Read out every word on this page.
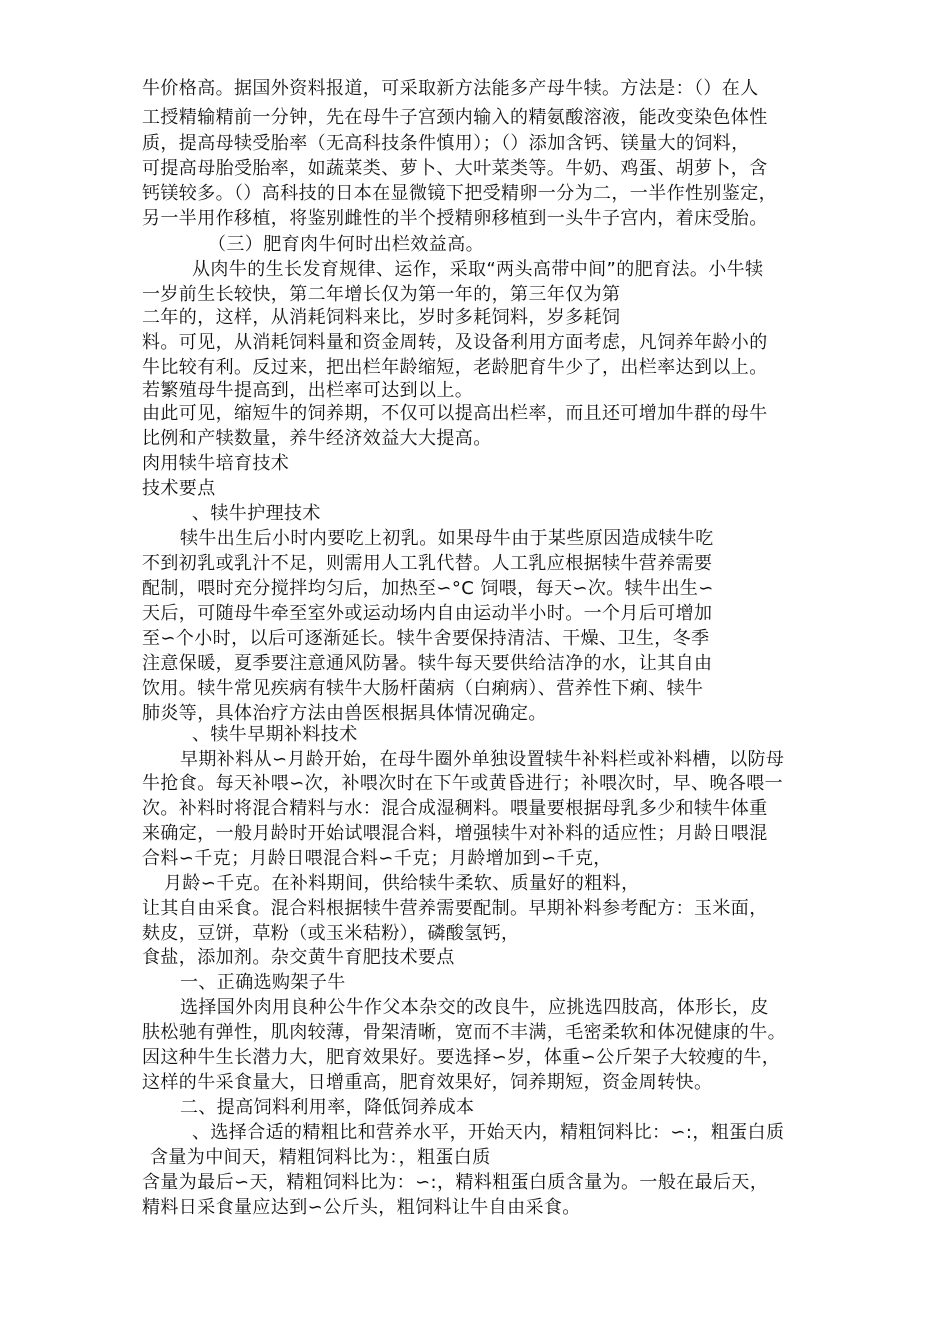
牛价格高。据国外资料报道，可采取新方法能多产母牛犊。方法是：（）在人
工授精输精前一分钟，先在母牛子宫颈内输入的精氨酸溶液，能改变染色体性
质，提高母犊受胎率（无高科技条件慎用）；（）添加含钙、镁量大的饲料，
可提高母胎受胎率，如蔬菜类、萝卜、大叶菜类等。牛奶、鸡蛋、胡萝卜，含
钙镁较多。（）高科技的日本在显微镜下把受精卵一分为二，一半作性别鉴定，
另一半用作移植，将鉴别雌性的半个授精卵移植到一头牛子宫内，着床受胎。
（三）肥育肉牛何时出栏效益高。
从肉牛的生长发育规律、运作，采取“两头高带中间”的肥育法。小牛犊
一岁前生长较快，第二年增长仅为第一年的，第三年仅为第
二年的，这样，从消耗饲料来比，岁时多耗饲料，岁多耗饲
料。可见，从消耗饲料量和资金周转，及设备利用方面考虑，凡饲养年龄小的
牛比较有利。反过来，把出栏年龄缩短，老龄肥育牛少了，出栏率达到以上。
若繁殖母牛提高到，出栏率可达到以上。
由此可见，缩短牛的饲养期，不仅可以提高出栏率，而且还可增加牛群的母牛
比例和产犊数量，养牛经济效益大大提高。
肉用犊牛培育技术
技术要点
、犊牛护理技术
犊牛出生后小时内要吃上初乳。如果母牛由于某些原因造成犊牛吃
不到初乳或乳汁不足，则需用人工乳代替。人工乳应根据犊牛营养需要
配制，喂时充分搅拌均匀后，加热至∽°C 饲喂，每天∽次。犊牛出生∽
天后，可随母牛牵至室外或运动场内自由运动半小时。一个月后可增加
至∽个小时，以后可逐渐延长。犊牛舍要保持清洁、干燥、卫生，冬季
注意保暖，夏季要注意通风防暑。犊牛每天要供给洁净的水，让其自由
饮用。犊牛常见疾病有犊牛大肠杆菌病（白痢病）、营养性下痢、犊牛
肺炎等，具体治疗方法由兽医根据具体情况确定。
、犊牛早期补料技术
早期补料从∽月龄开始，在母牛圈外单独设置犊牛补料栏或补料槽，以防母
牛抢食。每天补喂∽次，补喂次时在下午或黄昏进行；补喂次时，早、晚各喂一
次。补料时将混合精料与水：混合成湿稠料。喂量要根据母乳多少和犊牛体重
来确定，一般月龄时开始试喂混合料，增强犊牛对补料的适应性；月龄日喂混
合料∽千克；月龄日喂混合料∽千克；月龄增加到∽千克，
月龄∽千克。在补料期间，供给犊牛柔软、质量好的粗料，
让其自由采食。混合料根据犊牛营养需要配制。早期补料参考配方：玉米面，
麸皮，豆饼，草粉（或玉米秸粉），磷酸氢钙，
食盐，添加剂。杂交黄牛育肥技术要点
一、正确选购架子牛
选择国外肉用良种公牛作父本杂交的改良牛，应挑选四肢高，体形长，皮
肤松驰有弹性，肌肉较薄，骨架清晰，宽而不丰满，毛密柔软和体况健康的牛。
因这种牛生长潜力大，肥育效果好。要选择∽岁，体重∽公斤架子大较瘦的牛，
这样的牛采食量大，日增重高，肥育效果好，饲养期短，资金周转快。
二、提高饲料利用率，降低饲养成本
、选择合适的精粗比和营养水平，开始天内，精粗饲料比：∽:，粗蛋白质
含量为中间天，精粗饲料比为：，粗蛋白质
含量为最后∽天，精粗饲料比为：∽:，精料粗蛋白质含量为。一般在最后天，
精料日采食量应达到∽公斤头，粗饲料让牛自由采食。
